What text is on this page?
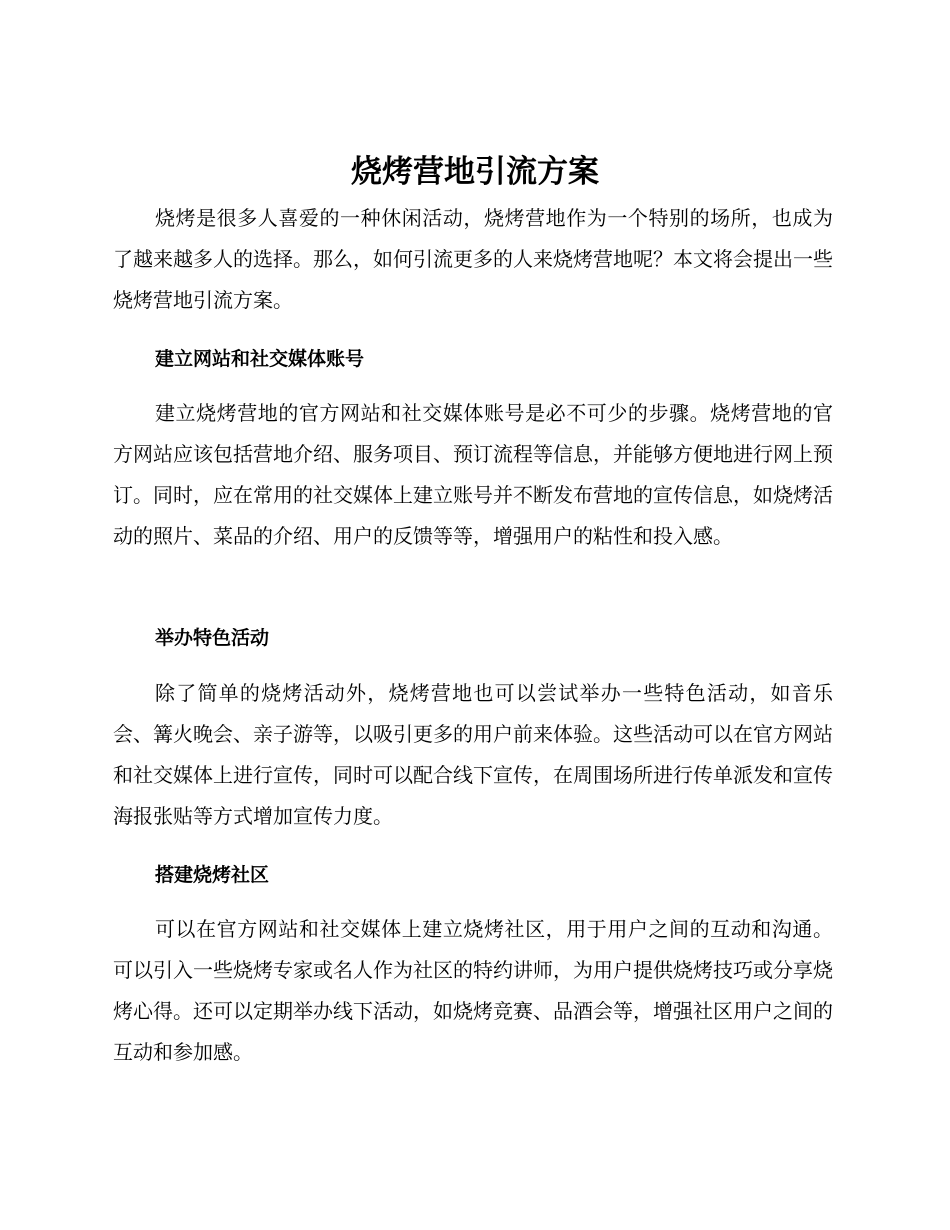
烧烤营地引流方案

烧烤是很多人喜爱的一种休闲活动，烧烤营地作为一个特别的场所，也成为了越来越多人的选择。那么，如何引流更多的人来烧烤营地呢？本文将会提出一些烧烤营地引流方案。

建立网站和社交媒体账号

建立烧烤营地的官方网站和社交媒体账号是必不可少的步骤。烧烤营地的官方网站应该包括营地介绍、服务项目、预订流程等信息，并能够方便地进行网上预订。同时，应在常用的社交媒体上建立账号并不断发布营地的宣传信息，如烧烤活动的照片、菜品的介绍、用户的反馈等等，增强用户的粘性和投入感。

举办特色活动

除了简单的烧烤活动外，烧烤营地也可以尝试举办一些特色活动，如音乐会、篝火晚会、亲子游等，以吸引更多的用户前来体验。这些活动可以在官方网站和社交媒体上进行宣传，同时可以配合线下宣传，在周围场所进行传单派发和宣传海报张贴等方式增加宣传力度。

搭建烧烤社区

可以在官方网站和社交媒体上建立烧烤社区，用于用户之间的互动和沟通。可以引入一些烧烤专家或名人作为社区的特约讲师，为用户提供烧烤技巧或分享烧烤心得。还可以定期举办线下活动，如烧烤竞赛、品酒会等，增强社区用户之间的互动和参加感。
